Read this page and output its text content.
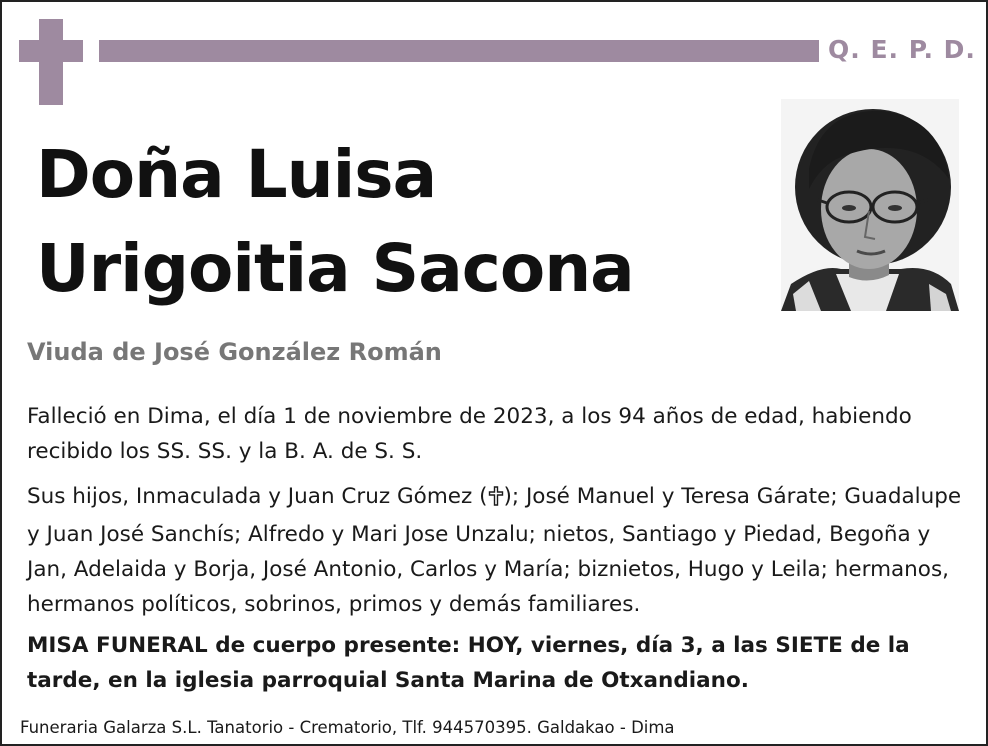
Q. E. P. D.
Doña Luisa
Urigoitia Sacona
Viuda de José González Román
Falleció en Dima, el día 1 de noviembre de 2023, a los 94 años de edad, habiendo recibido los SS. SS. y la B. A. de S. S.
Sus hijos, Inmaculada y Juan Cruz Gómez ( ); José Manuel y Teresa Gárate; Guadalupe y Juan José Sanchís; Alfredo y Mari Jose Unzalu; nietos, Santiago y Piedad, Begoña y Jan, Adelaida y Borja, José Antonio, Carlos y María; biznietos, Hugo y Leila; hermanos, hermanos políticos, sobrinos, primos y demás familiares.
MISA FUNERAL de cuerpo presente: HOY, viernes, día 3, a las SIETE de la tarde, en la iglesia parroquial Santa Marina de Otxandiano.
Funeraria Galarza S.L. Tanatorio - Crematorio, Tlf. 944570395. Galdakao - Dima
